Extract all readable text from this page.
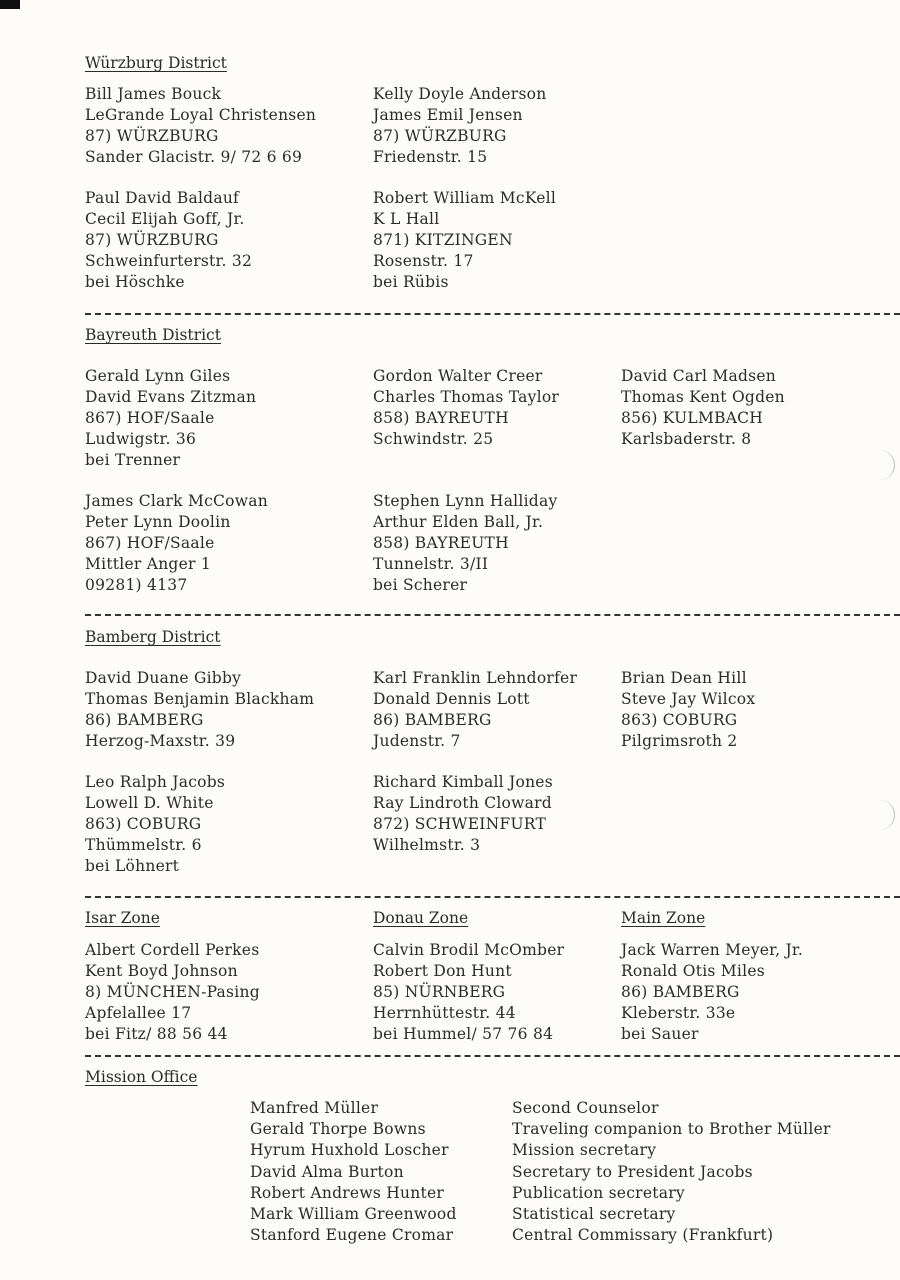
Würzburg District
Bill James Bouck
LeGrande Loyal Christensen
87) WÜRZBURG
Sander Glacistr. 9/ 72 6 69
Kelly Doyle Anderson
James Emil Jensen
87) WÜRZBURG
Friedenstr. 15
Paul David Baldauf
Cecil Elijah Goff, Jr.
87) WÜRZBURG
Schweinfurterstr. 32
bei Höschke
Robert William McKell
K L Hall
871) KITZINGEN
Rosenstr. 17
bei Rübis
Bayreuth District
Gerald Lynn Giles
David Evans Zitzman
867) HOF/Saale
Ludwigstr. 36
bei Trenner
Gordon Walter Creer
Charles Thomas Taylor
858) BAYREUTH
Schwindstr. 25
David Carl Madsen
Thomas Kent Ogden
856) KULMBACH
Karlsbaderstr. 8
James Clark McCowan
Peter Lynn Doolin
867) HOF/Saale
Mittler Anger 1
09281) 4137
Stephen Lynn Halliday
Arthur Elden Ball, Jr.
858) BAYREUTH
Tunnelstr. 3/II
bei Scherer
Bamberg District
David Duane Gibby
Thomas Benjamin Blackham
86) BAMBERG
Herzog-Maxstr. 39
Karl Franklin Lehndorfer
Donald Dennis Lott
86) BAMBERG
Judenstr. 7
Brian Dean Hill
Steve Jay Wilcox
863) COBURG
Pilgrimsroth 2
Leo Ralph Jacobs
Lowell D. White
863) COBURG
Thümmelstr. 6
bei Löhnert
Richard Kimball Jones
Ray Lindroth Cloward
872) SCHWEINFURT
Wilhelmstr. 3
Isar Zone	Donau Zone	Main Zone
Albert Cordell Perkes
Kent Boyd Johnson
8) MÜNCHEN-Pasing
Apfelallee 17
bei Fitz/ 88 56 44
Calvin Brodil McOmber
Robert Don Hunt
85) NÜRNBERG
Herrnhüttestr. 44
bei Hummel/ 57 76 84
Jack Warren Meyer, Jr.
Ronald Otis Miles
86) BAMBERG
Kleberstr. 33e
bei Sauer
Mission Office
Manfred Müller	Second Counselor
Gerald Thorpe Bowns	Traveling companion to Brother Müller
Hyrum Huxhold Loscher	Mission secretary
David Alma Burton	Secretary to President Jacobs
Robert Andrews Hunter	Publication secretary
Mark William Greenwood	Statistical secretary
Stanford Eugene Cromar	Central Commissary (Frankfurt)
